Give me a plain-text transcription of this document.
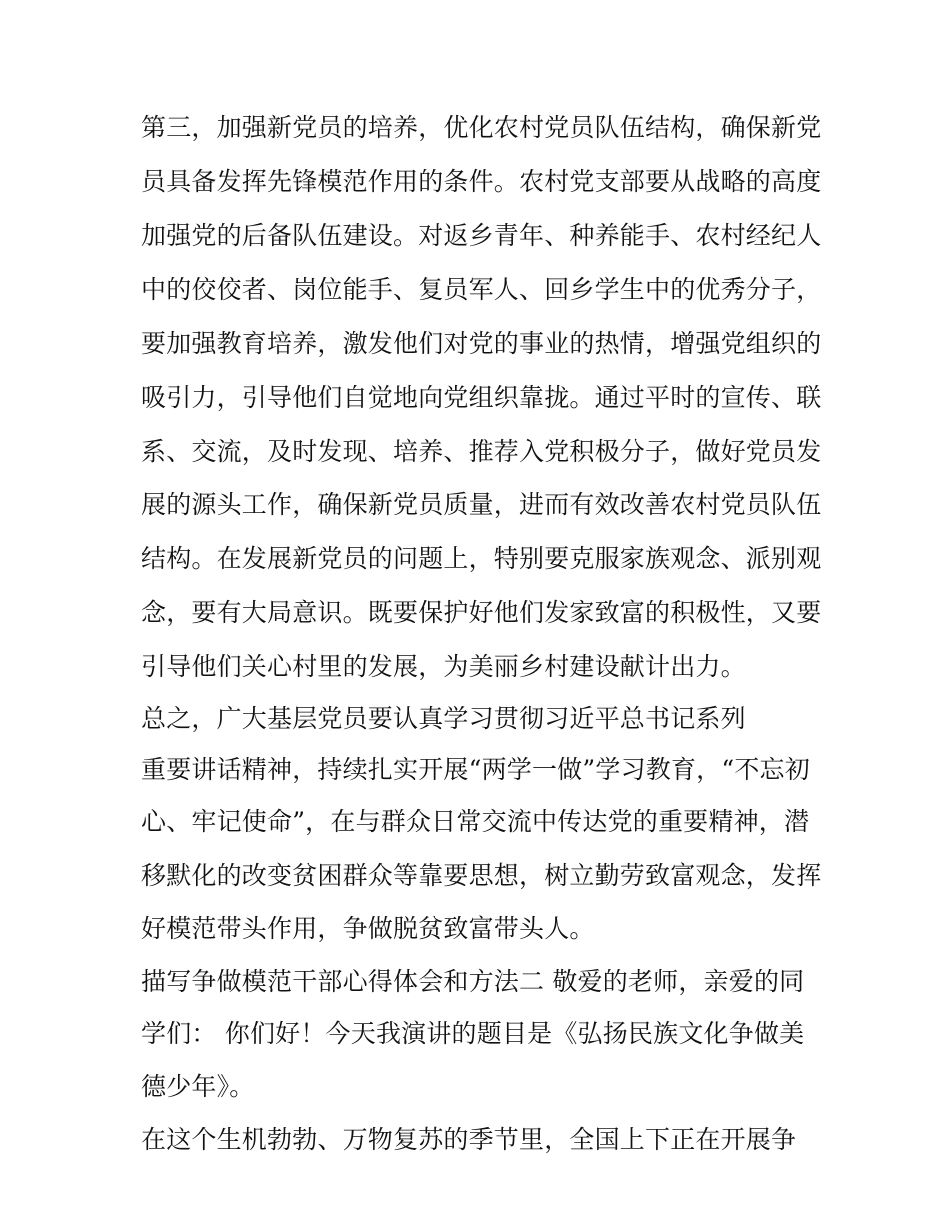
第三，加强新党员的培养，优化农村党员队伍结构，确保新党
员具备发挥先锋模范作用的条件。农村党支部要从战略的高度
加强党的后备队伍建设。对返乡青年、种养能手、农村经纪人
中的佼佼者、岗位能手、复员军人、回乡学生中的优秀分子，
要加强教育培养，激发他们对党的事业的热情，增强党组织的
吸引力，引导他们自觉地向党组织靠拢。通过平时的宣传、联
系、交流，及时发现、培养、推荐入党积极分子，做好党员发
展的源头工作，确保新党员质量，进而有效改善农村党员队伍
结构。在发展新党员的问题上，特别要克服家族观念、派别观
念，要有大局意识。既要保护好他们发家致富的积极性，又要
引导他们关心村里的发展，为美丽乡村建设献计出力。
总之，广大基层党员要认真学习贯彻习近平总书记系列
重要讲话精神，持续扎实开展“两学一做”学习教育，“不忘初
心、牢记使命”，在与群众日常交流中传达党的重要精神，潜
移默化的改变贫困群众等靠要思想，树立勤劳致富观念，发挥
好模范带头作用，争做脱贫致富带头人。
描写争做模范干部心得体会和方法二 敬爱的老师，亲爱的同
学们： 你们好！今天我演讲的题目是《弘扬民族文化争做美
德少年》。
在这个生机勃勃、万物复苏的季节里，全国上下正在开展争
